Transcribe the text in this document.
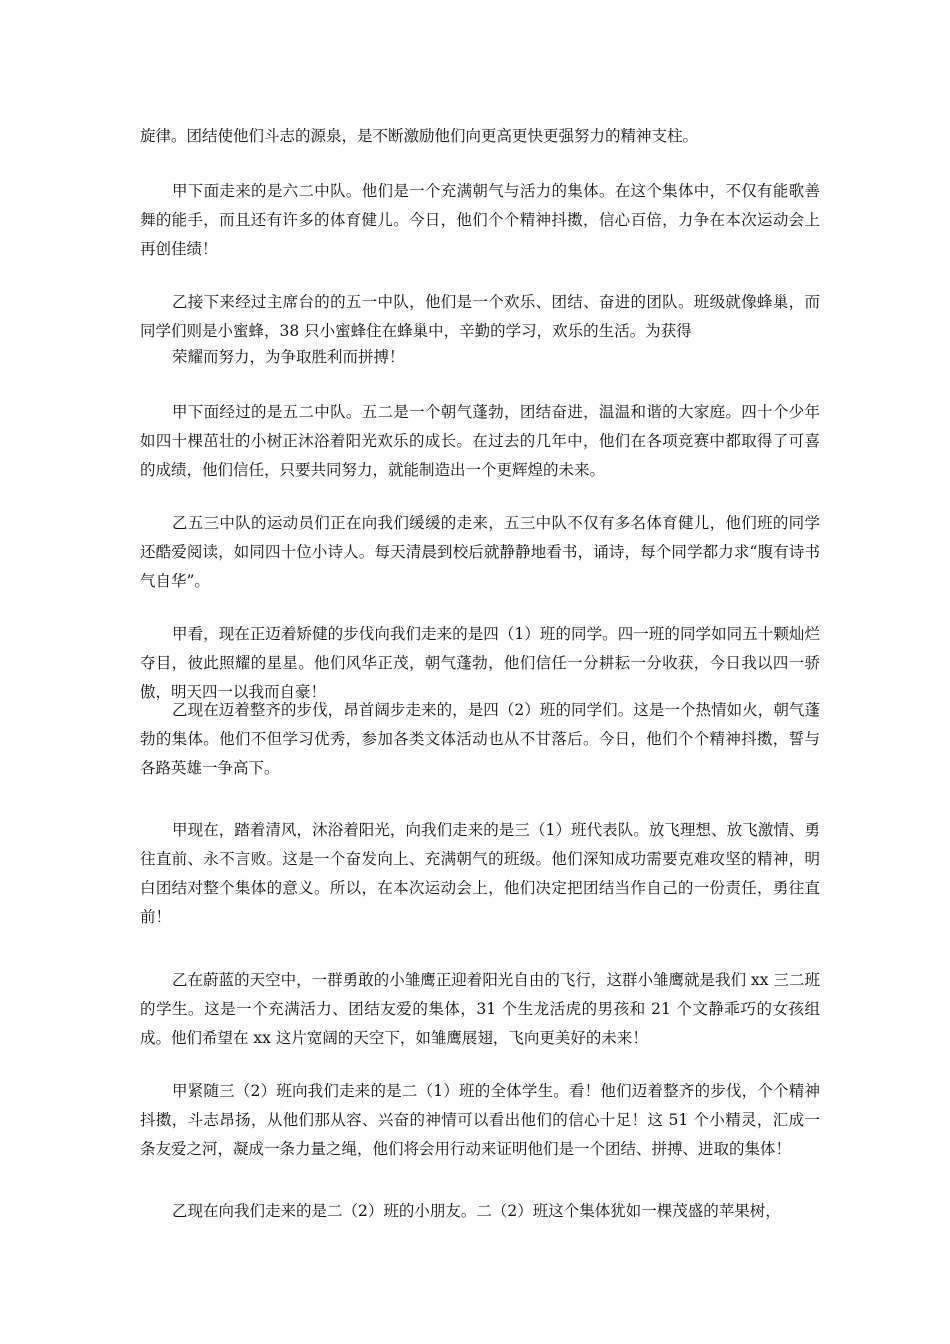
旋律。团结使他们斗志的源泉，是不断激励他们向更高更快更强努力的精神支柱。

甲下面走来的是六二中队。他们是一个充满朝气与活力的集体。在这个集体中，不仅有能歌善舞的能手，而且还有许多的体育健儿。今日，他们个个精神抖擞，信心百倍，力争在本次运动会上再创佳绩！

乙接下来经过主席台的的五一中队，他们是一个欢乐、团结、奋进的团队。班级就像蜂巢，而同学们则是小蜜蜂，38 只小蜜蜂住在蜂巢中，辛勤的学习，欢乐的生活。为获得

荣耀而努力，为争取胜利而拼搏！

甲下面经过的是五二中队。五二是一个朝气蓬勃，团结奋进，温温和谐的大家庭。四十个少年如四十棵茁壮的小树正沐浴着阳光欢乐的成长。在过去的几年中，他们在各项竞赛中都取得了可喜的成绩，他们信任，只要共同努力，就能制造出一个更辉煌的未来。

乙五三中队的运动员们正在向我们缓缓的走来，五三中队不仅有多名体育健儿，他们班的同学还酷爱阅读，如同四十位小诗人。每天清晨到校后就静静地看书，诵诗，每个同学都力求“腹有诗书气自华”。

甲看，现在正迈着矫健的步伐向我们走来的是四（1）班的同学。四一班的同学如同五十颗灿烂夺目，彼此照耀的星星。他们风华正茂，朝气蓬勃，他们信任一分耕耘一分收获，今日我以四一骄傲，明天四一以我而自豪！

乙现在迈着整齐的步伐，昂首阔步走来的，是四（2）班的同学们。这是一个热情如火，朝气蓬勃的集体。他们不但学习优秀，参加各类文体活动也从不甘落后。今日，他们个个精神抖擞，誓与各路英雄一争高下。

甲现在，踏着清风，沐浴着阳光，向我们走来的是三（1）班代表队。放飞理想、放飞激情、勇往直前、永不言败。这是一个奋发向上、充满朝气的班级。他们深知成功需要克难攻坚的精神，明白团结对整个集体的意义。所以，在本次运动会上，他们决定把团结当作自己的一份责任，勇往直前！

乙在蔚蓝的天空中，一群勇敢的小雏鹰正迎着阳光自由的飞行，这群小雏鹰就是我们 xx 三二班的学生。这是一个充满活力、团结友爱的集体，31 个生龙活虎的男孩和 21 个文静乖巧的女孩组成。他们希望在 xx 这片宽阔的天空下，如雏鹰展翅，飞向更美好的未来！

甲紧随三（2）班向我们走来的是二（1）班的全体学生。看！他们迈着整齐的步伐，个个精神抖擞，斗志昂扬，从他们那从容、兴奋的神情可以看出他们的信心十足！这 51 个小精灵，汇成一条友爱之河，凝成一条力量之绳，他们将会用行动来证明他们是一个团结、拼搏、进取的集体！

乙现在向我们走来的是二（2）班的小朋友。二（2）班这个集体犹如一棵茂盛的苹果树，
